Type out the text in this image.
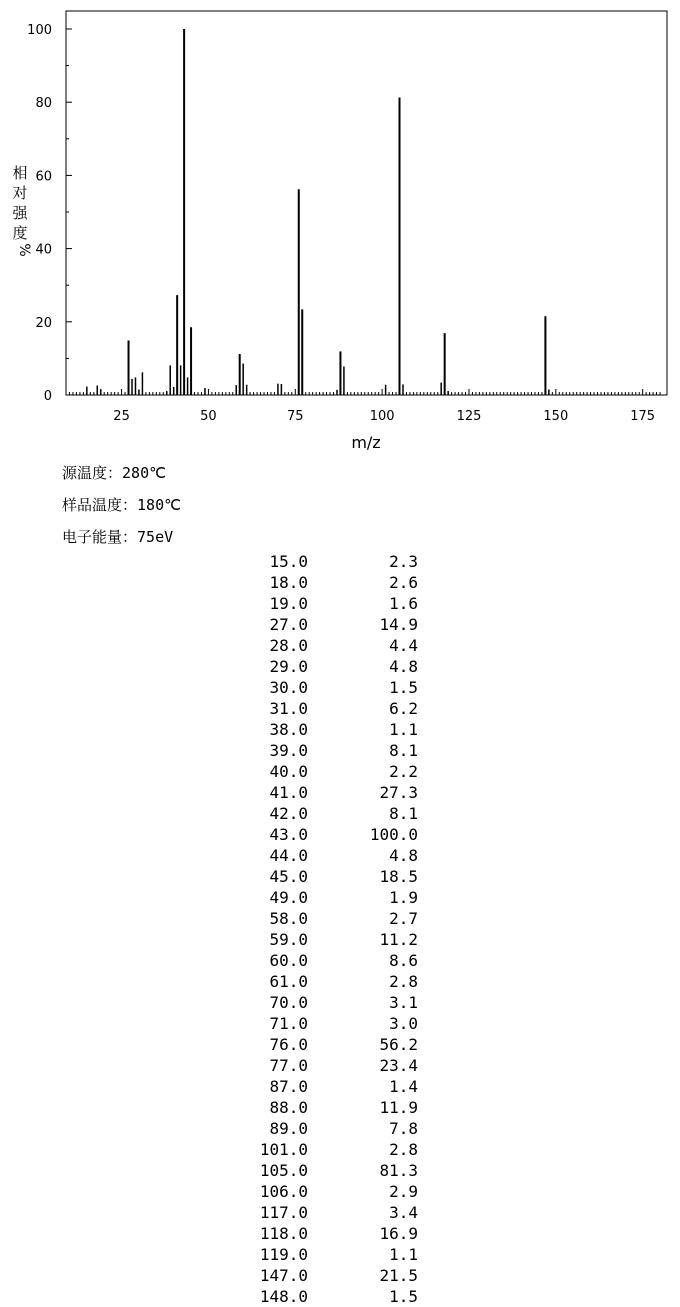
0
20
40
60
80
100
25	50	75	100	125	150	175
m/z
相
对
强
度
%
源温度：280℃
样品温度：180℃
电子能量：75eV
15.0	2.3
18.0	2.6
19.0	1.6
27.0	14.9
28.0	4.4
29.0	4.8
30.0	1.5
31.0	6.2
38.0	1.1
39.0	8.1
40.0	2.2
41.0	27.3
42.0	8.1
43.0	100.0
44.0	4.8
45.0	18.5
49.0	1.9
58.0	2.7
59.0	11.2
60.0	8.6
61.0	2.8
70.0	3.1
71.0	3.0
76.0	56.2
77.0	23.4
87.0	1.4
88.0	11.9
89.0	7.8
101.0	2.8
105.0	81.3
106.0	2.9
117.0	3.4
118.0	16.9
119.0	1.1
147.0	21.5
148.0	1.5
